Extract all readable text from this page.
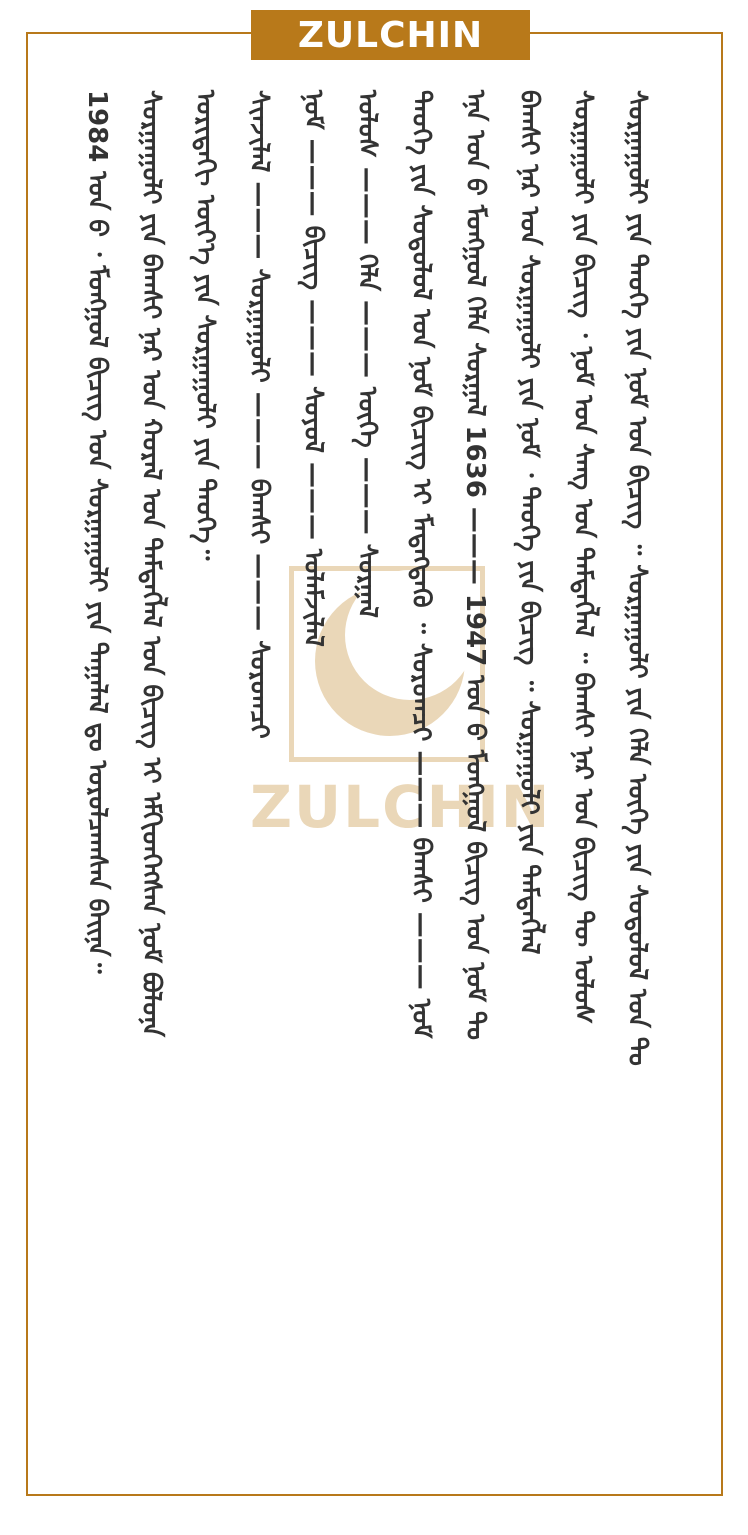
ZULCHIN
ZULCHIN
1984 ᠣᠨ ᠤ᠋ ᠂ ᠮᠣᠩᠭᠣᠯ ᠪᠢᠴᠢᠭ ᠤᠨ ᠰᠤᠷᠭᠠᠭᠤᠯᠢ ᠶᠢᠨ ᠲᠠᠭᠠᠯᠠᠯ ᠳᠤ ᠣᠷᠣᠯᠴᠠᠭᠰᠠᠨ ᠪᠠᠢᠨᠠ᠃ ᠰᠤᠷᠭᠠᠭᠤᠯᠢ ᠶᠢᠨ ᠪᠠᠭᠰᠢ ᠨᠠᠷ ᠤᠨ ᠬᠤᠷᠠᠯ ᠤᠨ ᠲᠡᠮᠳᠡᠭᠯᠡᠯ ᠤᠨ ᠪᠢᠴᠢᠭ ᠢ ᠡᠮᠬᠢᠳᠬᠡᠭᠰᠡᠨ ᠨᠣᠮ ᠪᠣᠯᠤᠨᠠ ᠤᠷᠢᠳᠠᠬᠢ ᠦᠶ᠎ᠡ ᠶᠢᠨ ᠰᠤᠷᠭᠠᠭᠤᠯᠢ ᠶᠢᠨ ᠲᠡᠦᠬᠡ᠃ ᠰᠢᠨᠵᠢᠯᠡᠯ ——— ᠰᠤᠷᠭᠠᠭᠤᠯᠢ ——— ᠪᠠᠭᠰᠢ ——— ᠰᠤᠷᠤᠭᠴᠢ ᠨᠣᠮ ——— ᠪᠢᠴᠢᠭ ——— ᠰᠣᠶᠣᠯ ——— ᠤᠯᠠᠮᠵᠢᠯᠠᠯ ᠤᠯᠤᠰ ——— ᠬᠡᠯᠡ ——— ᠦᠭᠡ ——— ᠰᠤᠷᠭᠠᠯ ᠲᠡᠦᠬᠡ ᠶᠢᠨ ᠰᠤᠳᠤᠯᠤᠯ ᠤᠨ ᠨᠣᠮ ᠪᠢᠴᠢᠭ ᠢ ᠮᠡᠳᠡᠭᠳᠡᠬᠦ ᠃ ᠰᠤᠷᠤᠭᠴᠢ ——— ᠪᠠᠭᠰᠢ ——— ᠨᠣᠮ ᠡᠨᠡ ᠣᠨ ᠤ᠋ ᠮᠣᠩᠭᠣᠯ ᠬᠡᠯᠡ ᠰᠤᠷᠭᠠᠯ 1636 ——— 1947 ᠣᠨ ᠤ᠋ ᠮᠣᠩᠭᠣᠯ ᠪᠢᠴᠢᠭ ᠤᠨ ᠨᠣᠮ ᠲᠤ ᠪᠠᠭᠰᠢ ᠨᠠᠷ ᠤᠨ ᠰᠤᠷᠭᠠᠭᠤᠯᠢ ᠶᠢᠨ ᠨᠣᠮ ᠂ ᠲᠡᠦᠬᠡ ᠶᠢᠨ ᠪᠢᠴᠢᠭ ᠃ ᠰᠤᠷᠭᠠᠭᠤᠯᠢ ᠶᠢᠨ ᠲᠡᠮᠳᠡᠭᠯᠡᠯ ᠰᠤᠷᠭᠠᠭᠤᠯᠢ ᠶᠢᠨ ᠪᠢᠴᠢᠭ ᠂ ᠨᠣᠮ ᠤᠨ ᠰᠠᠩ ᠤᠨ ᠲᠡᠮᠳᠡᠭᠯᠡᠯ ᠃ ᠪᠠᠭᠰᠢ ᠨᠠᠷ ᠤᠨ ᠪᠢᠴᠢᠭ ᠲᠦ ᠤᠯᠤᠰ ᠰᠤᠷᠭᠠᠭᠤᠯᠢ ᠶᠢᠨ ᠲᠡᠦᠬᠡ ᠶᠢᠨ ᠨᠣᠮ ᠤᠨ ᠪᠢᠴᠢᠭ ᠃ ᠰᠤᠷᠭᠠᠭᠤᠯᠢ ᠶᠢᠨ ᠬᠡᠯᠡ ᠦᠭᠡ ᠶᠢᠨ ᠰᠤᠳᠤᠯᠤᠯ ᠤᠨ ᠲᠤ
